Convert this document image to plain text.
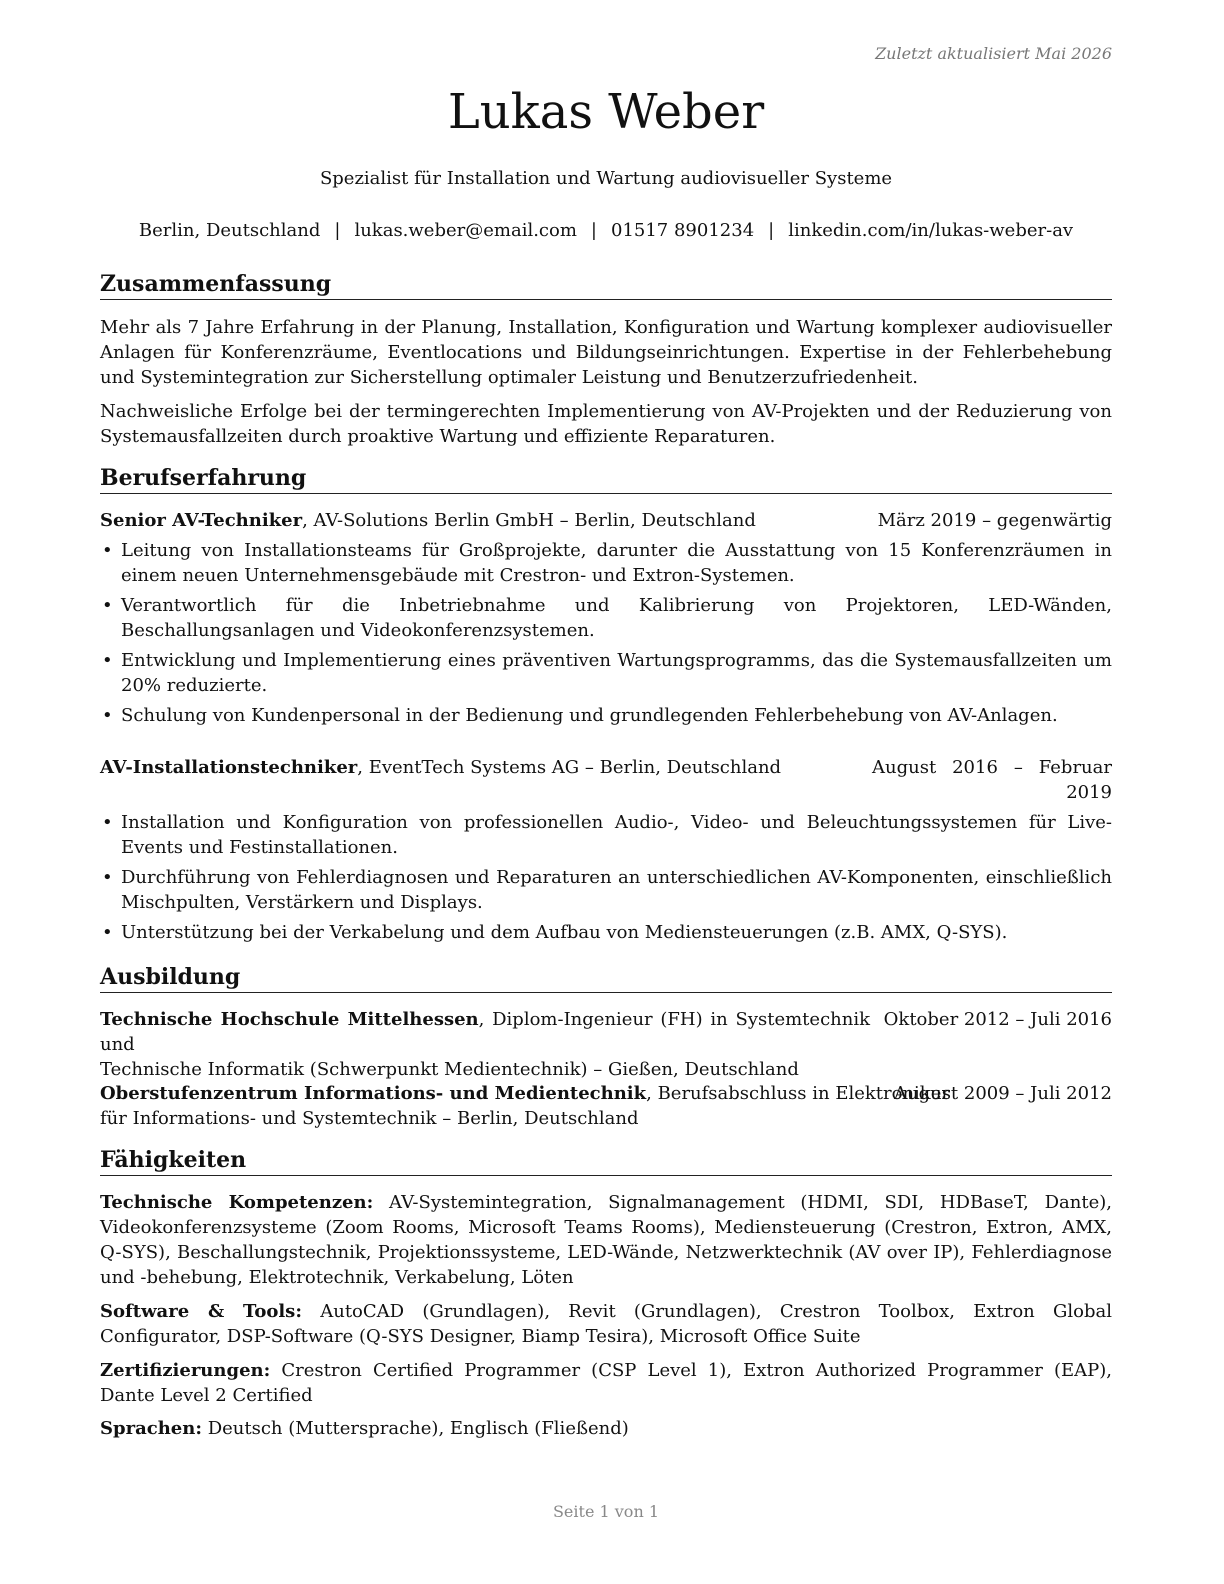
Zuletzt aktualisiert Mai 2026
Lukas Weber
Spezialist für Installation und Wartung audiovisueller Systeme
Berlin, Deutschland | lukas.weber@email.com | 01517 8901234 | linkedin.com/in/lukas-weber-av
Zusammenfassung

Mehr als 7 Jahre Erfahrung in der Planung, Installation, Konfiguration und Wartung komplexer audiovisueller Anlagen für Konferenzräume, Eventlocations und Bildungseinrichtungen. Expertise in der Fehlerbehebung und Systemintegration zur Sicherstellung optimaler Leistung und Benutzerzufriedenheit.

Nachweisliche Erfolge bei der termingerechten Implementierung von AV-Projekten und der Reduzierung von Systemausfallzeiten durch proaktive Wartung und effiziente Reparaturen.

Berufserfahrung
Senior AV-Techniker, AV-Solutions Berlin GmbH – Berlin, Deutschland	März 2019 – gegenwärtig
• Leitung von Installationsteams für Großprojekte, darunter die Ausstattung von 15 Konferenzräumen in einem neuen Unternehmensgebäude mit Crestron- und Extron-Systemen.
• Verantwortlich für die Inbetriebnahme und Kalibrierung von Projektoren, LED-Wänden, Beschallungsanlagen und Videokonferenzsystemen.
• Entwicklung und Implementierung eines präventiven Wartungsprogramms, das die Systemausfallzeiten um 20% reduzierte.
• Schulung von Kundenpersonal in der Bedienung und grundlegenden Fehlerbehebung von AV-Anlagen.
AV-Installationstechniker, EventTech Systems AG – Berlin, Deutschland	August 2016 – Februar
2019
• Installation und Konfiguration von professionellen Audio-, Video- und Beleuchtungssystemen für Live-Events und Festinstallationen.
• Durchführung von Fehlerdiagnosen und Reparaturen an unterschiedlichen AV-Komponenten, einschließlich Mischpulten, Verstärkern und Displays.
• Unterstützung bei der Verkabelung und dem Aufbau von Mediensteuerungen (z.B. AMX, Q-SYS).
Ausbildung
Technische Hochschule Mittelhessen, Diplom-Ingenieur (FH) in Systemtechnik und
Technische Informatik (Schwerpunkt Medientechnik) – Gießen, Deutschland
Oktober 2012 – Juli 2016
Oberstufenzentrum Informations- und Medientechnik, Berufsabschluss in Elektroniker
für Informations- und Systemtechnik – Berlin, Deutschland
August 2009 – Juli 2012
Fähigkeiten

Technische Kompetenzen: AV-Systemintegration, Signalmanagement (HDMI, SDI, HDBaseT, Dante), Videokonferenzsysteme (Zoom Rooms, Microsoft Teams Rooms), Mediensteuerung (Crestron, Extron, AMX, Q-SYS), Beschallungstechnik, Projektionssysteme, LED-Wände, Netzwerktechnik (AV over IP), Fehlerdiagnose und -behebung, Elektrotechnik, Verkabelung, Löten

Software & Tools: AutoCAD (Grundlagen), Revit (Grundlagen), Crestron Toolbox, Extron Global Configurator, DSP-Software (Q-SYS Designer, Biamp Tesira), Microsoft Office Suite

Zertifizierungen: Crestron Certified Programmer (CSP Level 1), Extron Authorized Programmer (EAP), Dante Level 2 Certified

Sprachen: Deutsch (Muttersprache), Englisch (Fließend)

Seite 1 von 1
